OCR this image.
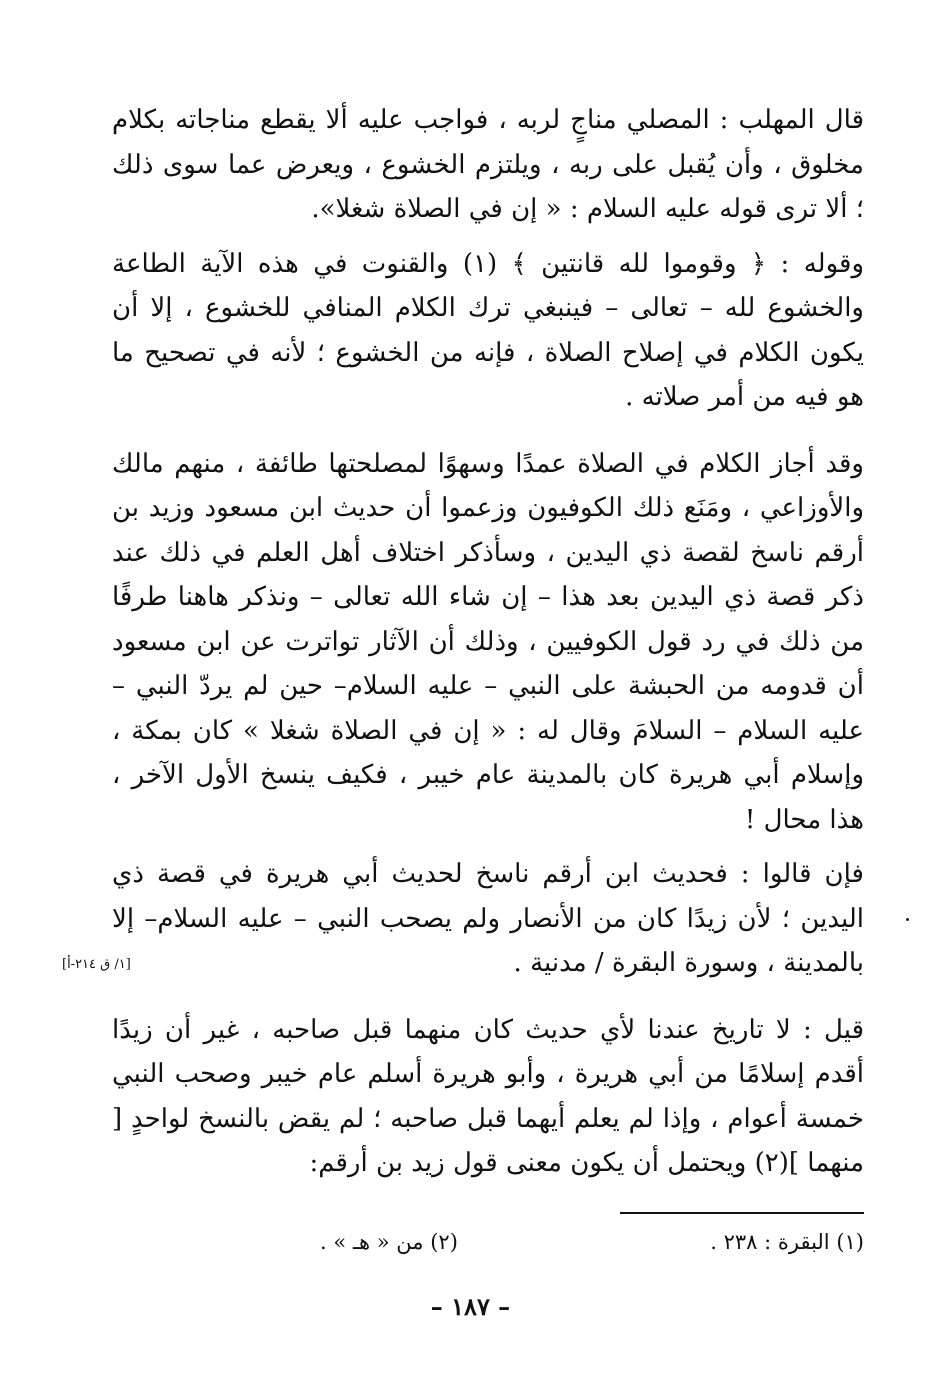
قال المهلب : المصلي مناجٍ لربه ، فواجب عليه ألا يقطع مناجاته بكلام مخلوق ، وأن يُقبل على ربه ، ويلتزم الخشوع ، ويعرض عما سوى ذلك ؛ ألا ترى قوله عليه السلام : « إن في الصلاة شغلا».

وقوله : ﴿ وقوموا لله قانتين ﴾ (١) والقنوت في هذه الآية الطاعة والخشوع لله – تعالى – فينبغي ترك الكلام المنافي للخشوع ، إلا أن يكون الكلام في إصلاح الصلاة ، فإنه من الخشوع ؛ لأنه في تصحيح ما هو فيه من أمر صلاته .

وقد أجاز الكلام في الصلاة عمدًا وسهوًا لمصلحتها طائفة ، منهم مالك والأوزاعي ، ومَنَع ذلك الكوفيون وزعموا أن حديث ابن مسعود وزيد بن أرقم ناسخ لقصة ذي اليدين ، وسأذكر اختلاف أهل العلم في ذلك عند ذكر قصة ذي اليدين بعد هذا – إن شاء الله تعالى – ونذكر هاهنا طرفًا من ذلك في رد قول الكوفيين ، وذلك أن الآثار تواترت عن ابن مسعود أن قدومه من الحبشة على النبي – عليه السلام– حين لم يردّ النبي – عليه السلام – السلامَ وقال له : « إن في الصلاة شغلا » كان بمكة ، وإسلام أبي هريرة كان بالمدينة عام خيبر ، فكيف ينسخ الأول الآخر ، هذا محال !

فإن قالوا : فحديث ابن أرقم ناسخ لحديث أبي هريرة في قصة ذي اليدين ؛ لأن زيدًا كان من الأنصار ولم يصحب النبي – عليه السلام– إلا بالمدينة ، وسورة البقرة / مدنية .

قيل : لا تاريخ عندنا لأي حديث كان منهما قبل صاحبه ، غير أن زيدًا أقدم إسلامًا من أبي هريرة ، وأبو هريرة أسلم عام خيبر وصحب النبي خمسة أعوام ، وإذا لم يعلم أيهما قبل صاحبه ؛ لم يقض بالنسخ لواحدٍ [ منهما ](٢) ويحتمل أن يكون معنى قول زيد بن أرقم:

[١/ ق ٢١٤-أ]
(١) البقرة : ٢٣٨ .
(٢) من « هـ » .
– ١٨٧ –
